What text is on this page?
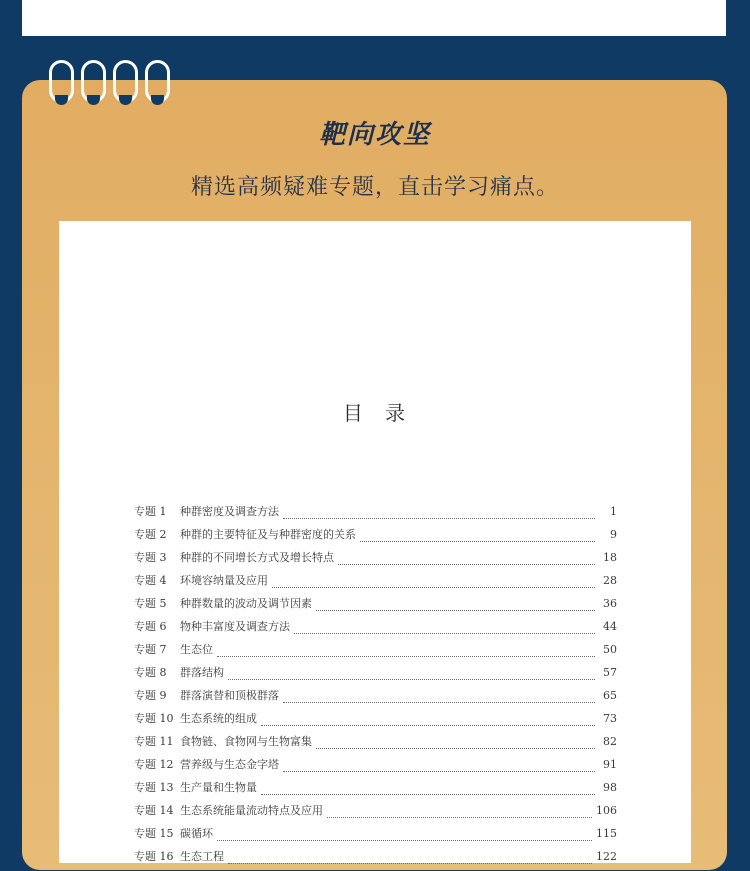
靶向攻坚
精选高频疑难专题，直击学习痛点。
目 录
专题 1	种群密度及调查方法	1
专题 2	种群的主要特征及与种群密度的关系	9
专题 3	种群的不同增长方式及增长特点	18
专题 4	环境容纳量及应用	28
专题 5	种群数量的波动及调节因素	36
专题 6	物种丰富度及调查方法	44
专题 7	生态位	50
专题 8	群落结构	57
专题 9	群落演替和顶极群落	65
专题 10 生态系统的组成	73
专题 11 食物链、食物网与生物富集	82
专题 12 营养级与生态金字塔	91
专题 13 生产量和生物量	98
专题 14 生态系统能量流动特点及应用	106
专题 15 碳循环	115
专题 16 生态工程	122
